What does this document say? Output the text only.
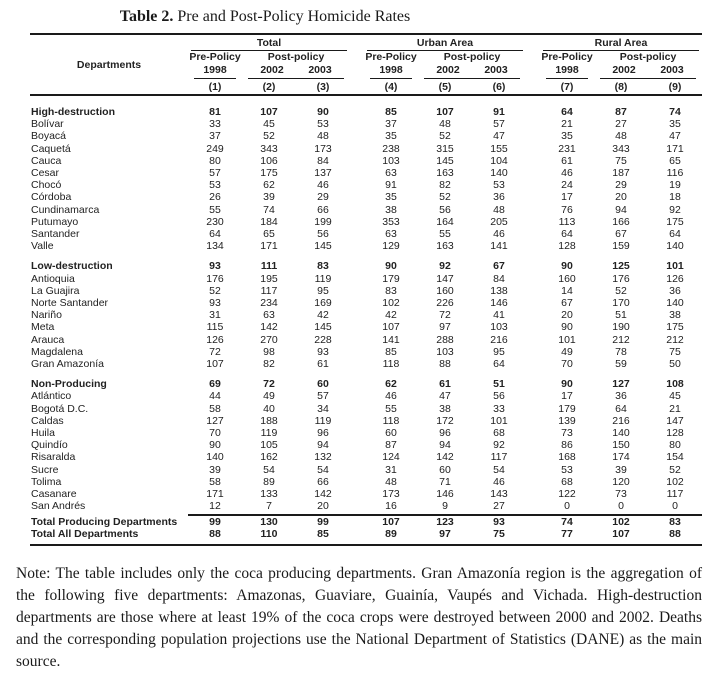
Table 2. Pre and Post-Policy Homicide Rates
Departments
Total	Urban Area	Rural Area
Pre-Policy	Post-policy	Pre-Policy	Post-policy	Pre-Policy	Post-policy
1998	2002	2003	1998	2002	2003	1998	2002	2003
(1)	(2)	(3)	(4)	(5)	(6)	(7)	(8)	(9)
High-destruction	81	107	90	85	107	91	64	87	74
Bolívar	33	45	53	37	48	57	21	27	35
Boyacá	37	52	48	35	52	47	35	48	47
Caquetá	249	343	173	238	315	155	231	343	171
Cauca	80	106	84	103	145	104	61	75	65
Cesar	57	175	137	63	163	140	46	187	116
Chocó	53	62	46	91	82	53	24	29	19
Córdoba	26	39	29	35	52	36	17	20	18
Cundinamarca	55	74	66	38	56	48	76	94	92
Putumayo	230	184	199	353	164	205	113	166	175
Santander	64	65	56	63	55	46	64	67	64
Valle	134	171	145	129	163	141	128	159	140
Low-destruction	93	111	83	90	92	67	90	125	101
Antioquia	176	195	119	179	147	84	160	176	126
La Guajira	52	117	95	83	160	138	14	52	36
Norte Santander	93	234	169	102	226	146	67	170	140
Nariño	31	63	42	42	72	41	20	51	38
Meta	115	142	145	107	97	103	90	190	175
Arauca	126	270	228	141	288	216	101	212	212
Magdalena	72	98	93	85	103	95	49	78	75
Gran Amazonía	107	82	61	118	88	64	70	59	50
Non-Producing	69	72	60	62	61	51	90	127	108
Atlántico	44	49	57	46	47	56	17	36	45
Bogotá D.C.	58	40	34	55	38	33	179	64	21
Caldas	127	188	119	118	172	101	139	216	147
Huila	70	119	96	60	96	68	73	140	128
Quindío	90	105	94	87	94	92	86	150	80
Risaralda	140	162	132	124	142	117	168	174	154
Sucre	39	54	54	31	60	54	53	39	52
Tolima	58	89	66	48	71	46	68	120	102
Casanare	171	133	142	173	146	143	122	73	117
San Andrés	12	7	20	16	9	27	0	0	0
Total Producing Departments	99	130	99	107	123	93	74	102	83
Total All Departments	88	110	85	89	97	75	77	107	88

Note: The table includes only the coca producing departments. Gran Amazonía region is the aggregation of the following five departments: Amazonas, Guaviare, Guainía, Vaupés and Vichada. High-destruction departments are those where at least 19% of the coca crops were destroyed between 2000 and 2002. Deaths and the corresponding population projections use the National Department of Statistics (DANE) as the main source.
